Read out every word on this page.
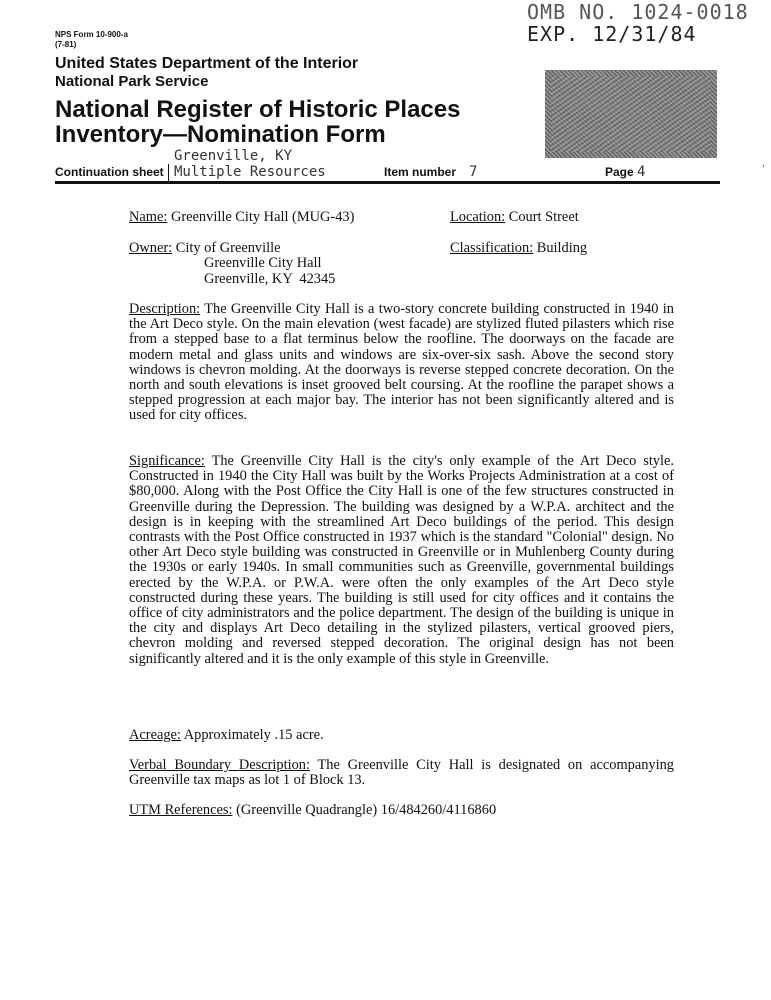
NPS Form 10-900-a
(7-81)
OMB NO. 1024-0018
EXP. 12/31/84
United States Department of the Interior
National Park Service
National Register of Historic Places
Inventory—Nomination Form
Greenville, KY
Continuation sheet Multiple Resources	Item number 7	Page 4
,
Name: Greenville City Hall (MUG-43)	Location: Court Street
Owner: City of Greenville
Greenville City Hall
Greenville, KY  42345
Classification: Building

Description: The Greenville City Hall is a two-story concrete building constructed in 1940 in the Art Deco style. On the main elevation (west facade) are stylized fluted pilasters which rise from a stepped base to a flat terminus below the roofline. The doorways on the facade are modern metal and glass units and windows are six-over-six sash. Above the second story windows is chevron molding. At the doorways is reverse stepped concrete decoration. On the north and south elevations is inset grooved belt coursing. At the roofline the parapet shows a stepped progression at each major bay. The interior has not been significantly altered and is used for city offices.

Significance: The Greenville City Hall is the city's only example of the Art Deco style. Constructed in 1940 the City Hall was built by the Works Projects Administration at a cost of $80,000. Along with the Post Office the City Hall is one of the few structures constructed in Greenville during the Depression. The building was designed by a W.P.A. architect and the design is in keeping with the streamlined Art Deco buildings of the period. This design contrasts with the Post Office constructed in 1937 which is the standard "Colonial" design. No other Art Deco style building was constructed in Greenville or in Muhlenberg County during the 1930s or early 1940s. In small communities such as Greenville, governmental buildings erected by the W.P.A. or P.W.A. were often the only examples of the Art Deco style constructed during these years. The building is still used for city offices and it contains the office of city administrators and the police department. The design of the building is unique in the city and displays Art Deco detailing in the stylized pilasters, vertical grooved piers, chevron molding and reversed stepped decoration. The original design has not been significantly altered and it is the only example of this style in Greenville.

Acreage: Approximately .15 acre.

Verbal Boundary Description: The Greenville City Hall is designated on accompanying Greenville tax maps as lot 1 of Block 13.

UTM References: (Greenville Quadrangle) 16/484260/4116860
